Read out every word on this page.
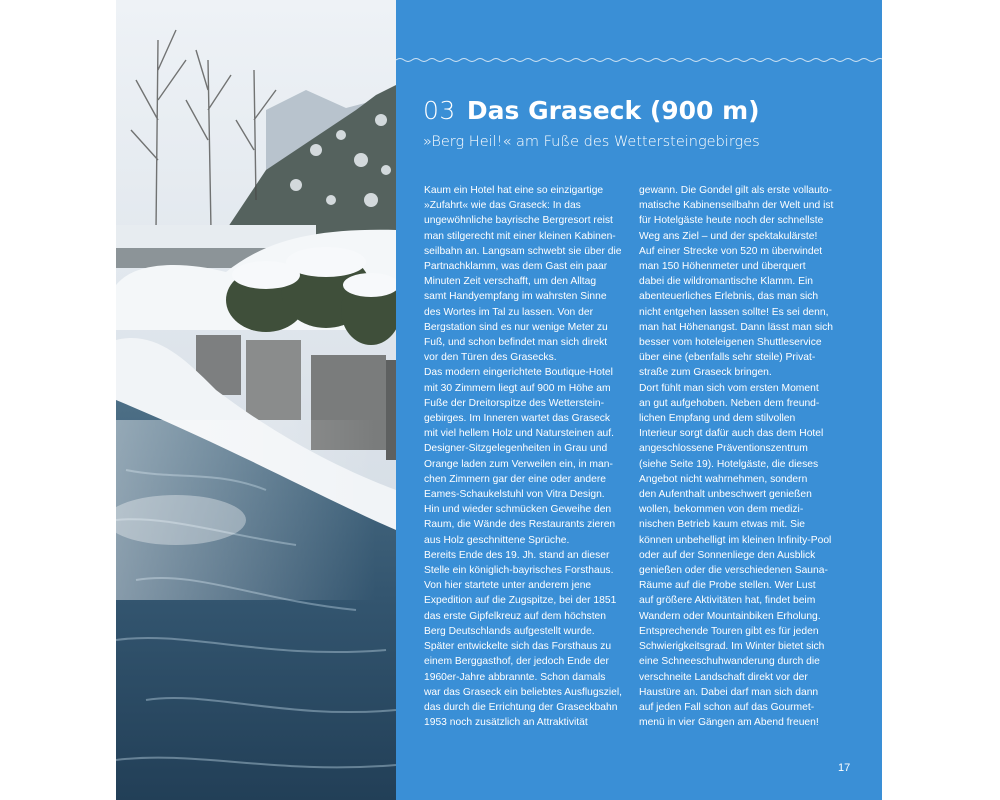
03 Das Graseck (900 m)
»Berg Heil!« am Fuße des Wettersteingebirges
Kaum ein Hotel hat eine so einzigartige
»Zufahrt« wie das Graseck: In das
ungewöhnliche bayrische Bergresort reist
man stilgerecht mit einer kleinen Kabinen-
seilbahn an. Langsam schwebt sie über die
Partnachklamm, was dem Gast ein paar
Minuten Zeit verschafft, um den Alltag
samt Handyempfang im wahrsten Sinne
des Wortes im Tal zu lassen. Von der
Bergstation sind es nur wenige Meter zu
Fuß, und schon befindet man sich direkt
vor den Türen des Grasecks.
Das modern eingerichtete Boutique-Hotel
mit 30 Zimmern liegt auf 900 m Höhe am
Fuße der Dreitorspitze des Wetterstein-
gebirges. Im Inneren wartet das Graseck
mit viel hellem Holz und Natursteinen auf.
Designer-Sitzgelegenheiten in Grau und
Orange laden zum Verweilen ein, in man-
chen Zimmern gar der eine oder andere
Eames-Schaukelstuhl von Vitra Design.
Hin und wieder schmücken Geweihe den
Raum, die Wände des Restaurants zieren
aus Holz geschnittene Sprüche.
Bereits Ende des 19. Jh. stand an dieser
Stelle ein königlich-bayrisches Forsthaus.
Von hier startete unter anderem jene
Expedition auf die Zugspitze, bei der 1851
das erste Gipfelkreuz auf dem höchsten
Berg Deutschlands aufgestellt wurde.
Später entwickelte sich das Forsthaus zu
einem Berggasthof, der jedoch Ende der
1960er-Jahre abbrannte. Schon damals
war das Graseck ein beliebtes Ausflugsziel,
das durch die Errichtung der Graseckbahn
1953 noch zusätzlich an Attraktivität
gewann. Die Gondel gilt als erste vollauto-
matische Kabinenseilbahn der Welt und ist
für Hotelgäste heute noch der schnellste
Weg ans Ziel – und der spektakulärste!
Auf einer Strecke von 520 m überwindet
man 150 Höhenmeter und überquert
dabei die wildromantische Klamm. Ein
abenteuerliches Erlebnis, das man sich
nicht entgehen lassen sollte! Es sei denn,
man hat Höhenangst. Dann lässt man sich
besser vom hoteleigenen Shuttleservice
über eine (ebenfalls sehr steile) Privat-
straße zum Graseck bringen.
Dort fühlt man sich vom ersten Moment
an gut aufgehoben. Neben dem freund-
lichen Empfang und dem stilvollen
Interieur sorgt dafür auch das dem Hotel
angeschlossene Präventionszentrum
(siehe Seite 19). Hotelgäste, die dieses
Angebot nicht wahrnehmen, sondern
den Aufenthalt unbeschwert genießen
wollen, bekommen von dem medizi-
nischen Betrieb kaum etwas mit. Sie
können unbehelligt im kleinen Infinity-Pool
oder auf der Sonnenliege den Ausblick
genießen oder die verschiedenen Sauna-
Räume auf die Probe stellen. Wer Lust
auf größere Aktivitäten hat, findet beim
Wandern oder Mountainbiken Erholung.
Entsprechende Touren gibt es für jeden
Schwierigkeitsgrad. Im Winter bietet sich
eine Schneeschuhwanderung durch die
verschneite Landschaft direkt vor der
Haustüre an. Dabei darf man sich dann
auf jeden Fall schon auf das Gourmet-
menü in vier Gängen am Abend freuen!
17
